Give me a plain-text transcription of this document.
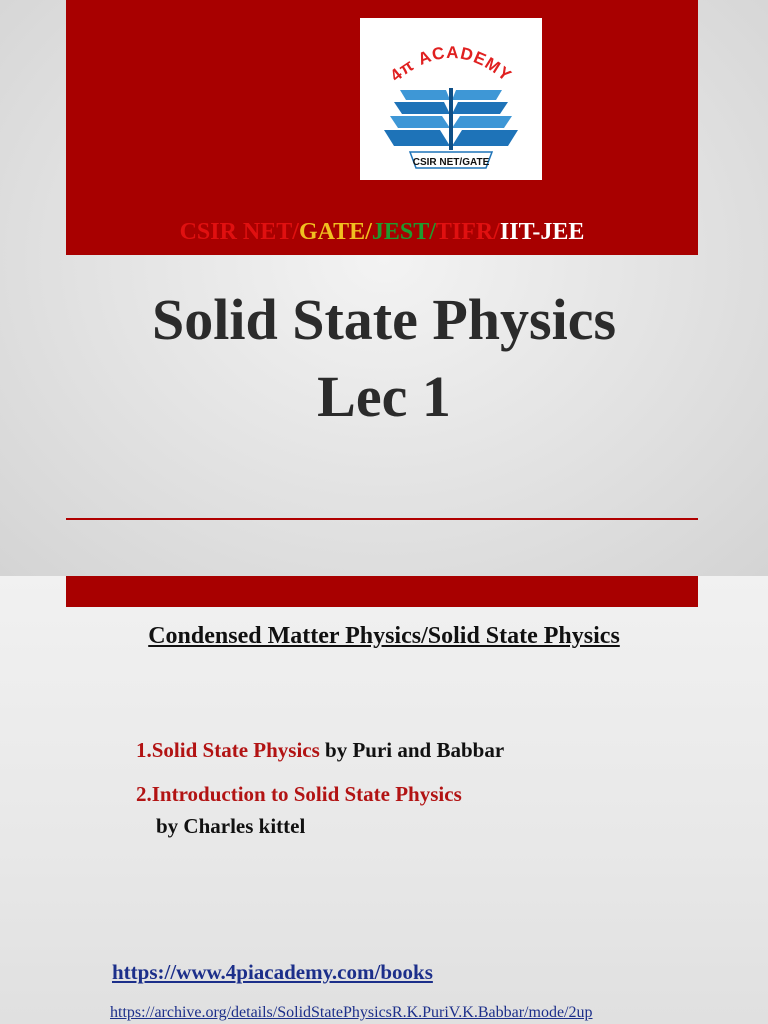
4π ACADEMY
CSIR NET/GATE
CSIR NET/GATE/JEST/TIFR/IIT-JEE
Solid State Physics
Lec 1
Condensed Matter Physics/Solid State Physics
1.Solid State Physics by Puri and Babbar
2.Introduction to Solid State Physics
by Charles kittel
https://www.4piacademy.com/books
https://archive.org/details/SolidStatePhysicsR.K.PuriV.K.Babbar/mode/2up
